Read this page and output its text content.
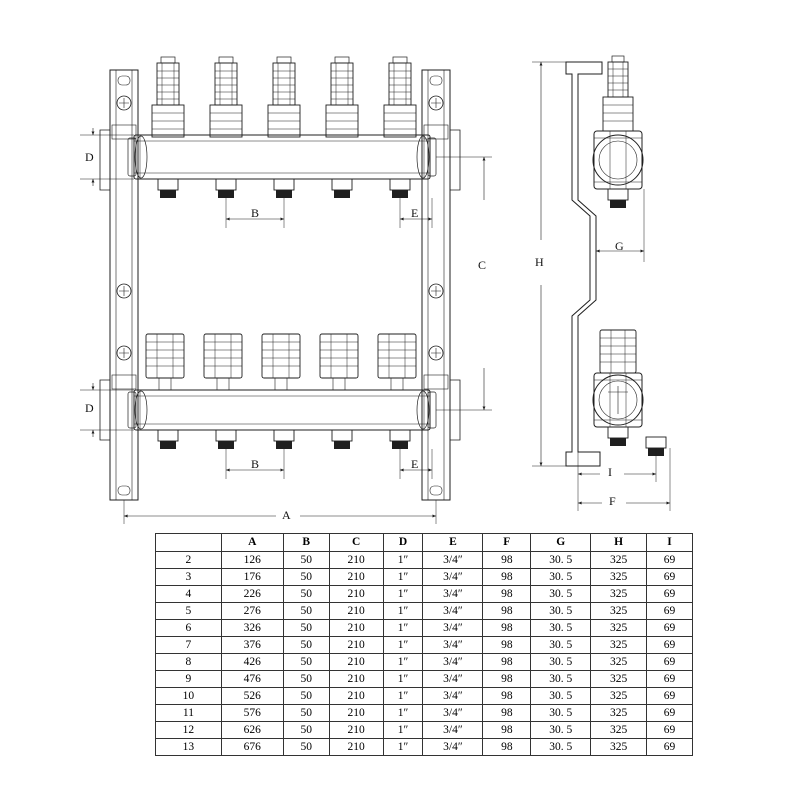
D
D
B	E
B	E
C
A
H
G
I
F
	A	B	C	D	E	F	G	H	I
2	126	50	210	1″	3/4″	98	30. 5	325	69
3	176	50	210	1″	3/4″	98	30. 5	325	69
4	226	50	210	1″	3/4″	98	30. 5	325	69
5	276	50	210	1″	3/4″	98	30. 5	325	69
6	326	50	210	1″	3/4″	98	30. 5	325	69
7	376	50	210	1″	3/4″	98	30. 5	325	69
8	426	50	210	1″	3/4″	98	30. 5	325	69
9	476	50	210	1″	3/4″	98	30. 5	325	69
10	526	50	210	1″	3/4″	98	30. 5	325	69
11	576	50	210	1″	3/4″	98	30. 5	325	69
12	626	50	210	1″	3/4″	98	30. 5	325	69
13	676	50	210	1″	3/4″	98	30. 5	325	69
